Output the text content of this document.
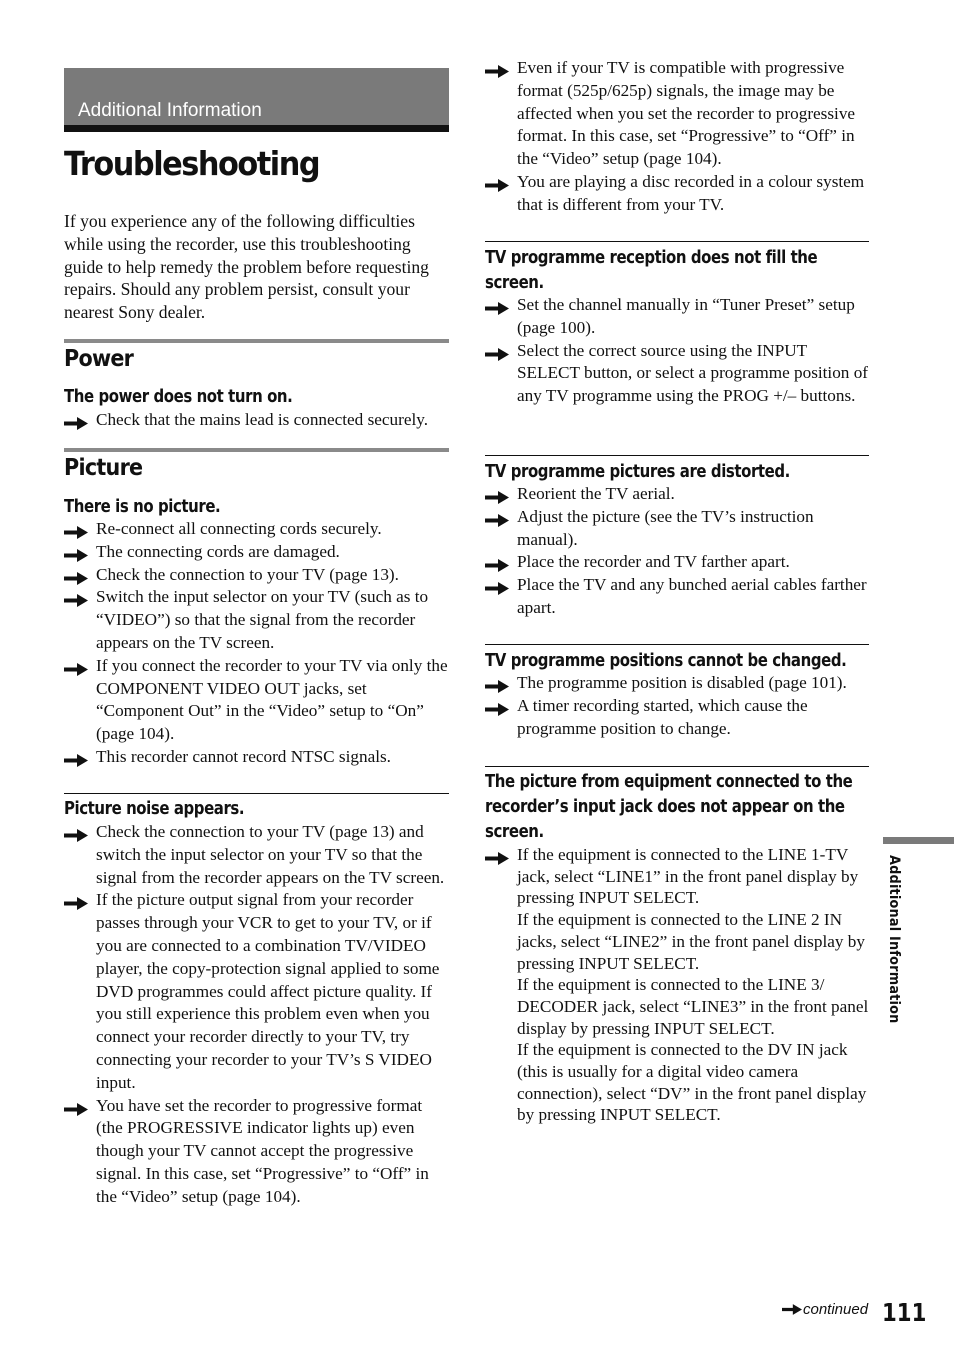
Additional Information
Troubleshooting

If you experience any of the following difficulties while using the recorder, use this troubleshooting guide to help remedy the problem before requesting repairs. Should any problem persist, consult your nearest Sony dealer.

Power
The power does not turn on.
Check that the mains lead is connected securely.
Picture
There is no picture.
Re-connect all connecting cords securely.
The connecting cords are damaged.
Check the connection to your TV (page 13).
Switch the input selector on your TV (such as to “VIDEO”) so that the signal from the recorder appears on the TV screen.
If you connect the recorder to your TV via only the COMPONENT VIDEO OUT jacks, set “Component Out” in the “Video” setup to “On” (page 104).
This recorder cannot record NTSC signals.
Picture noise appears.
Check the connection to your TV (page 13) and switch the input selector on your TV so that the signal from the recorder appears on the TV screen.
If the picture output signal from your recorder passes through your VCR to get to your TV, or if you are connected to a combination TV/VIDEO player, the copy-protection signal applied to some DVD programmes could affect picture quality. If you still experience this problem even when you connect your recorder directly to your TV, try connecting your recorder to your TV’s S VIDEO input.
You have set the recorder to progressive format (the PROGRESSIVE indicator lights up) even though your TV cannot accept the progressive signal. In this case, set “Progressive” to “Off” in the “Video” setup (page 104).
Even if your TV is compatible with progressive format (525p/625p) signals, the image may be affected when you set the recorder to progressive format. In this case, set “Progressive” to “Off” in the “Video” setup (page 104).
You are playing a disc recorded in a colour system that is different from your TV.
TV programme reception does not fill the screen.
Set the channel manually in “Tuner Preset” setup (page 100).
Select the correct source using the INPUT SELECT button, or select a programme position of any TV programme using the PROG +/– buttons.
TV programme pictures are distorted.
Reorient the TV aerial.
Adjust the picture (see the TV’s instruction manual).
Place the recorder and TV farther apart.
Place the TV and any bunched aerial cables farther apart.
TV programme positions cannot be changed.
The programme position is disabled (page 101).
A timer recording started, which cause the programme position to change.
The picture from equipment connected to the recorder’s input jack does not appear on the screen.
If the equipment is connected to the LINE 1-TV jack, select “LINE1” in the front panel display by pressing INPUT SELECT.
If the equipment is connected to the LINE 2 IN jacks, select “LINE2” in the front panel display by pressing INPUT SELECT.
If the equipment is connected to the LINE 3/ DECODER jack, select “LINE3” in the front panel display by pressing INPUT SELECT.
If the equipment is connected to the DV IN jack (this is usually for a digital video camera connection), select “DV” in the front panel display by pressing INPUT SELECT.
Additional Information
continued 111
